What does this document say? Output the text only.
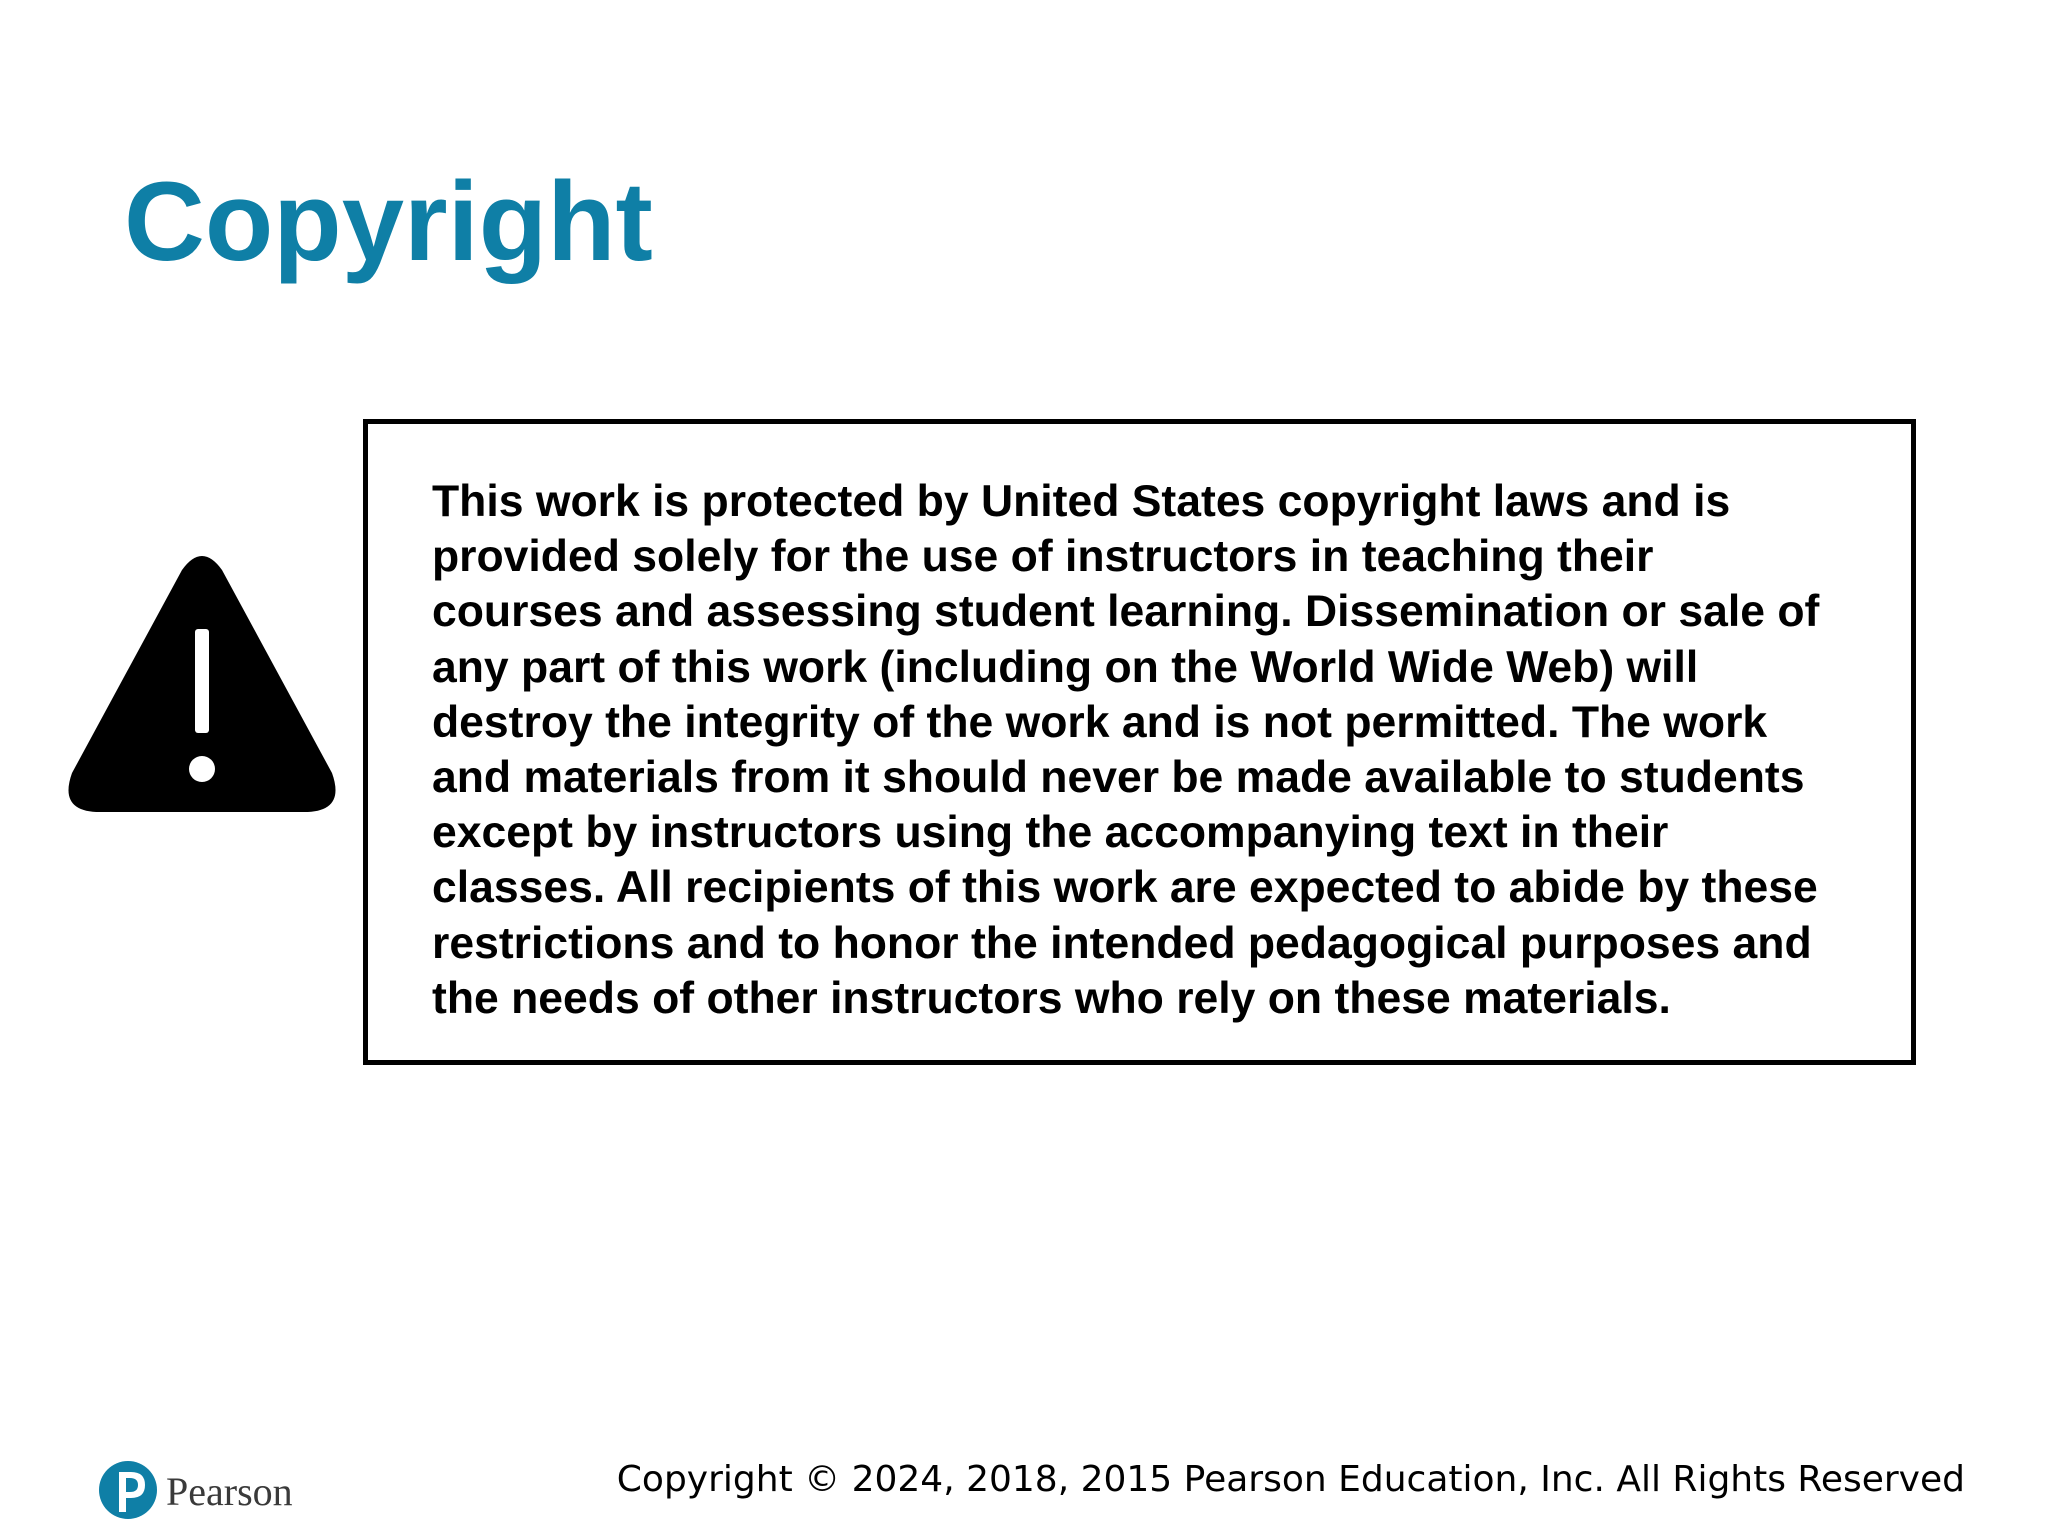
Copyright

This work is protected by United States copyright laws and is
provided solely for the use of instructors in teaching their
courses and assessing student learning. Dissemination or sale of
any part of this work (including on the World Wide Web) will
destroy the integrity of the work and is not permitted. The work
and materials from it should never be made available to students
except by instructors using the accompanying text in their
classes. All recipients of this work are expected to abide by these
restrictions and to honor the intended pedagogical purposes and
the needs of other instructors who rely on these materials.

Pearson	Copyright © 2024, 2018, 2015 Pearson Education, Inc. All Rights Reserved
